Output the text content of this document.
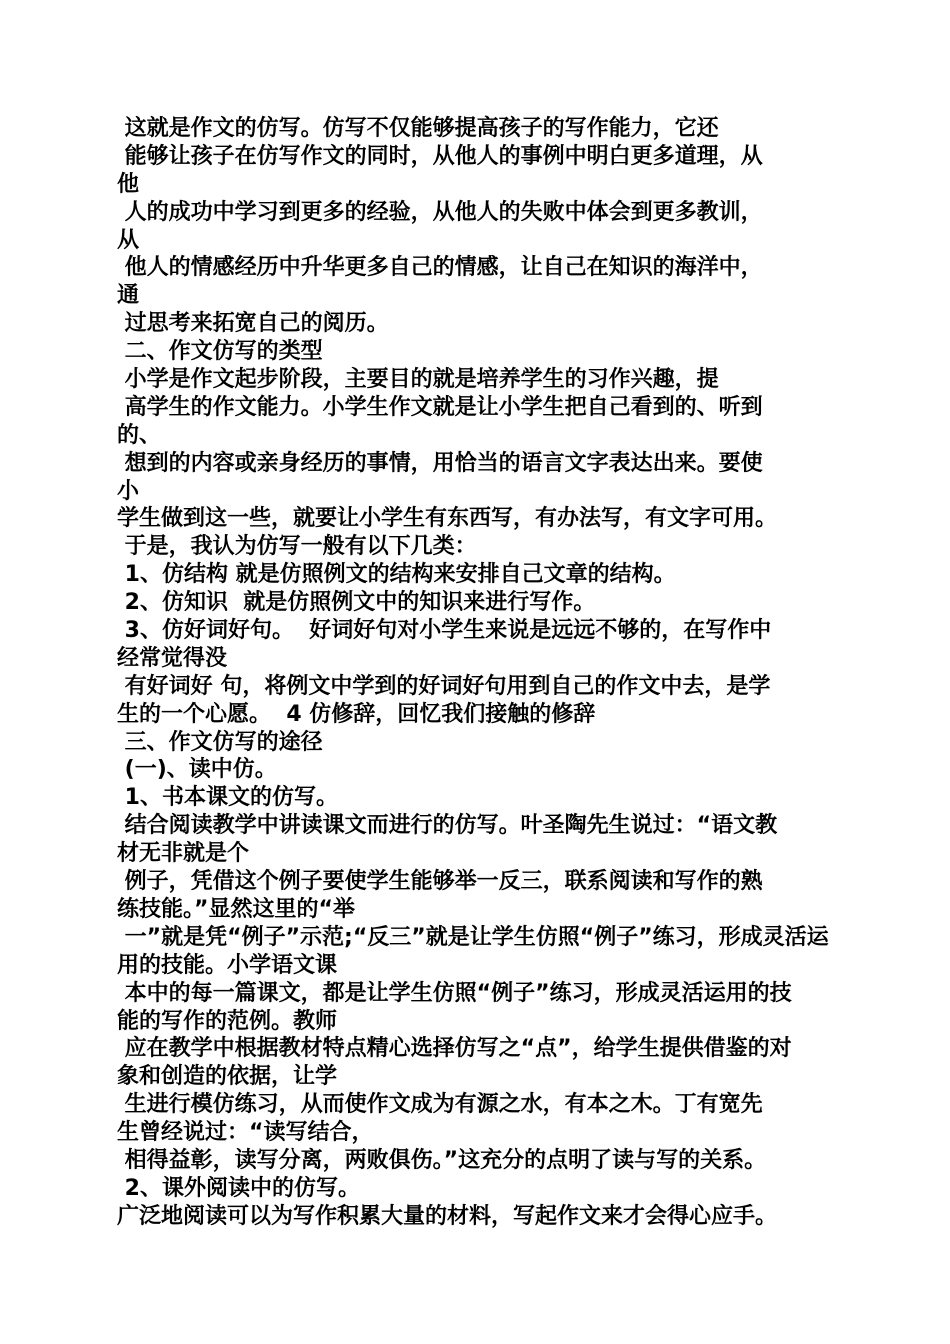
这就是作文的仿写。仿写不仅能够提高孩子的写作能力，它还
能够让孩子在仿写作文的同时，从他人的事例中明白更多道理，从
他
人的成功中学习到更多的经验，从他人的失败中体会到更多教训，
从
他人的情感经历中升华更多自己的情感，让自己在知识的海洋中，
通
过思考来拓宽自己的阅历。
二、作文仿写的类型
小学是作文起步阶段，主要目的就是培养学生的习作兴趣，提
高学生的作文能力。小学生作文就是让小学生把自己看到的、听到
的、
想到的内容或亲身经历的事情，用恰当的语言文字表达出来。要使
小
学生做到这一些，就要让小学生有东西写，有办法写，有文字可用。
于是，我认为仿写一般有以下几类：
1、仿结构 就是仿照例文的结构来安排自己文章的结构。
2、仿知识  就是仿照例文中的知识来进行写作。
3、仿好词好句。  好词好句对小学生来说是远远不够的，在写作中
经常觉得没
有好词好 句，将例文中学到的好词好句用到自己的作文中去，是学
生的一个心愿。  4 仿修辞，回忆我们接触的修辞
三、作文仿写的途径
(一)、读中仿。
1、书本课文的仿写。
结合阅读教学中讲读课文而进行的仿写。叶圣陶先生说过：“语文教
材无非就是个
例子，凭借这个例子要使学生能够举一反三，联系阅读和写作的熟
练技能。”显然这里的“举
一”就是凭“例子”示范;“反三”就是让学生仿照“例子”练习，形成灵活运
用的技能。小学语文课
本中的每一篇课文，都是让学生仿照“例子”练习，形成灵活运用的技
能的写作的范例。教师
应在教学中根据教材特点精心选择仿写之“点”，给学生提供借鉴的对
象和创造的依据，让学
生进行模仿练习，从而使作文成为有源之水，有本之木。丁有宽先
生曾经说过：“读写结合，
相得益彰，读写分离，两败俱伤。”这充分的点明了读与写的关系。
2、课外阅读中的仿写。
广泛地阅读可以为写作积累大量的材料，写起作文来才会得心应手。
